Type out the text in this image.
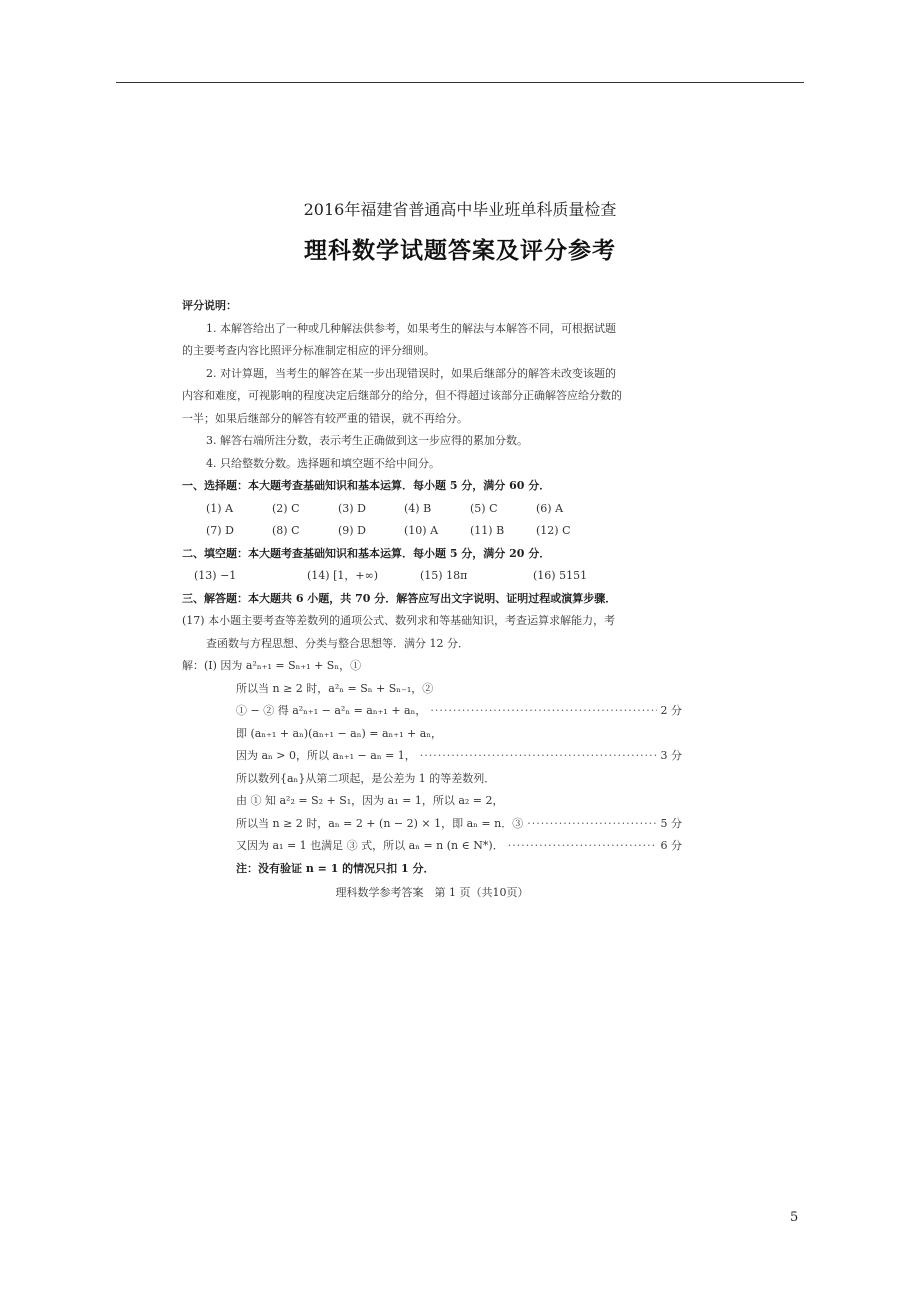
2016年福建省普通高中毕业班单科质量检查
理科数学试题答案及评分参考
评分说明：
1. 本解答给出了一种或几种解法供参考，如果考生的解法与本解答不同，可根据试题
的主要考查内容比照评分标准制定相应的评分细则。
2. 对计算题，当考生的解答在某一步出现错误时，如果后继部分的解答未改变该题的
内容和难度，可视影响的程度决定后继部分的给分，但不得超过该部分正确解答应给分数的
一半；如果后继部分的解答有较严重的错误，就不再给分。
3. 解答右端所注分数，表示考生正确做到这一步应得的累加分数。
4. 只给整数分数。选择题和填空题不给中间分。
一、选择题：本大题考查基础知识和基本运算．每小题 5 分，满分 60 分．
(1) A	(2) C	(3) D	(4) B	(5) C	(6) A
(7) D	(8) C	(9) D	(10) A	(11) B	(12) C
二、填空题：本大题考查基础知识和基本运算．每小题 5 分，满分 20 分．
(13) −1	(14) [1，+∞)	(15) 18π	(16) 5151
三、解答题：本大题共 6 小题，共 70 分．解答应写出文字说明、证明过程或演算步骤．
(17) 本小题主要考查等差数列的通项公式、数列求和等基础知识，考查运算求解能力，考
查函数与方程思想、分类与整合思想等．满分 12 分．
解：(Ⅰ) 因为 a²ₙ₊₁ = Sₙ₊₁ + Sₙ，①
所以当 n ≥ 2 时，a²ₙ = Sₙ + Sₙ₋₁，②
① − ② 得 a²ₙ₊₁ − a²ₙ = aₙ₊₁ + aₙ， ·····	2 分
即 (aₙ₊₁ + aₙ)(aₙ₊₁ − aₙ) = aₙ₊₁ + aₙ，
因为 aₙ > 0，所以 aₙ₊₁ − aₙ = 1， ·····	3 分
所以数列{aₙ}从第二项起，是公差为 1 的等差数列．
由 ① 知 a²₂ = S₂ + S₁，因为 a₁ = 1，所以 a₂ = 2，
所以当 n ≥ 2 时，aₙ = 2 + (n − 2) × 1，即 aₙ = n．③ ·····	5 分
又因为 a₁ = 1 也满足 ③ 式，所以 aₙ = n (n ∈ N*)． ·····	6 分
注：没有验证 n = 1 的情况只扣 1 分．
理科数学参考答案　第 1 页（共10页）
5
